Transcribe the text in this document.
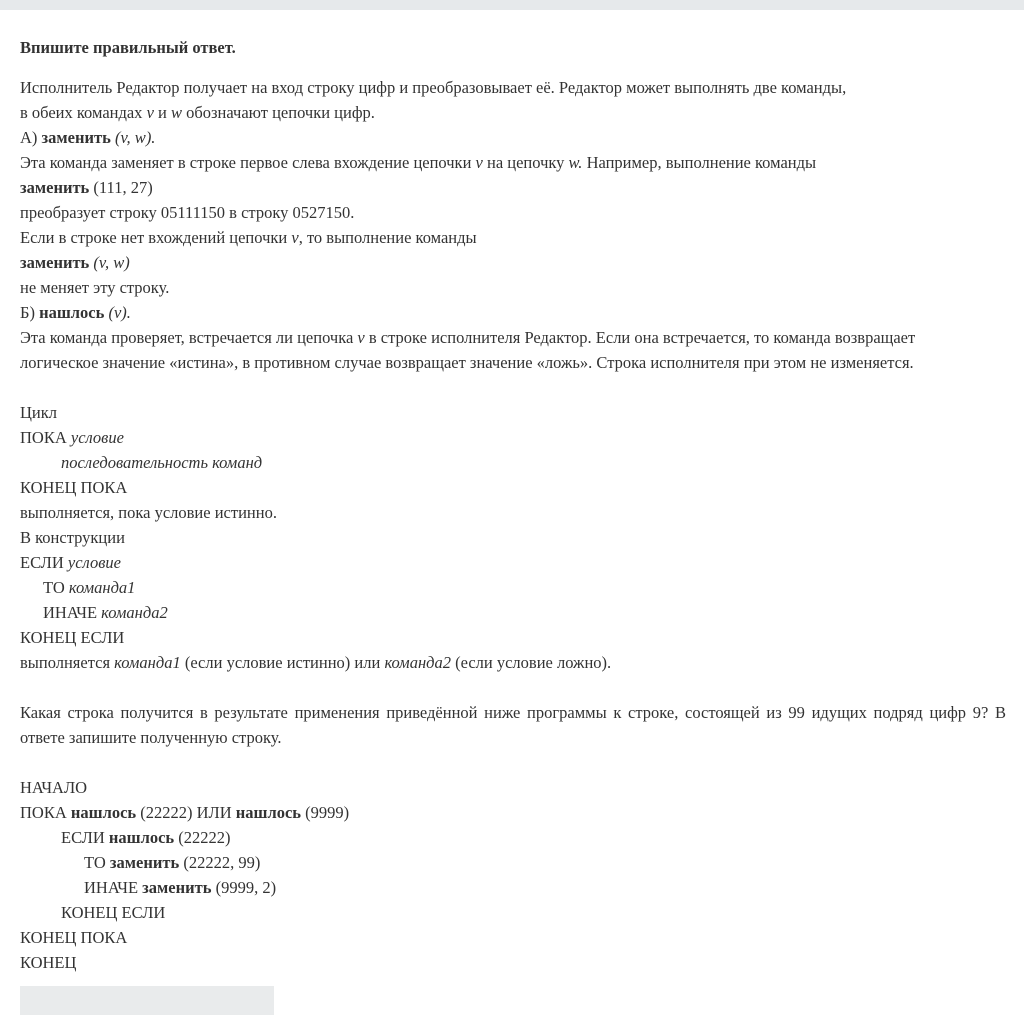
Впишите правильный ответ.
Исполнитель Редактор получает на вход строку цифр и преобразовывает её. Редактор может выполнять две команды,
в обеих командах v и w обозначают цепочки цифр.
А) заменить (v, w).
Эта команда заменяет в строке первое слева вхождение цепочки v на цепочку w. Например, выполнение команды
заменить (111, 27)
преобразует строку 05111150 в строку 0527150.
Если в строке нет вхождений цепочки v, то выполнение команды
заменить (v, w)
не меняет эту строку.
Б) нашлось (v).
Эта команда проверяет, встречается ли цепочка v в строке исполнителя Редактор. Если она встречается, то команда возвращает
логическое значение «истина», в противном случае возвращает значение «ложь». Строка исполнителя при этом не изменяется.
Цикл
ПОКА условие
последовательность команд
КОНЕЦ ПОКА
выполняется, пока условие истинно.
В конструкции
ЕСЛИ условие
ТО команда1
ИНАЧЕ команда2
КОНЕЦ ЕСЛИ
выполняется команда1 (если условие истинно) или команда2 (если условие ложно).
Какая строка получится в результате применения приведённой ниже программы к строке, состоящей из 99 идущих подряд цифр 9? В ответе запишите полученную строку.
НАЧАЛО
ПОКА нашлось (22222) ИЛИ нашлось (9999)
ЕСЛИ нашлось (22222)
ТО заменить (22222, 99)
ИНАЧЕ заменить (9999, 2)
КОНЕЦ ЕСЛИ
КОНЕЦ ПОКА
КОНЕЦ
